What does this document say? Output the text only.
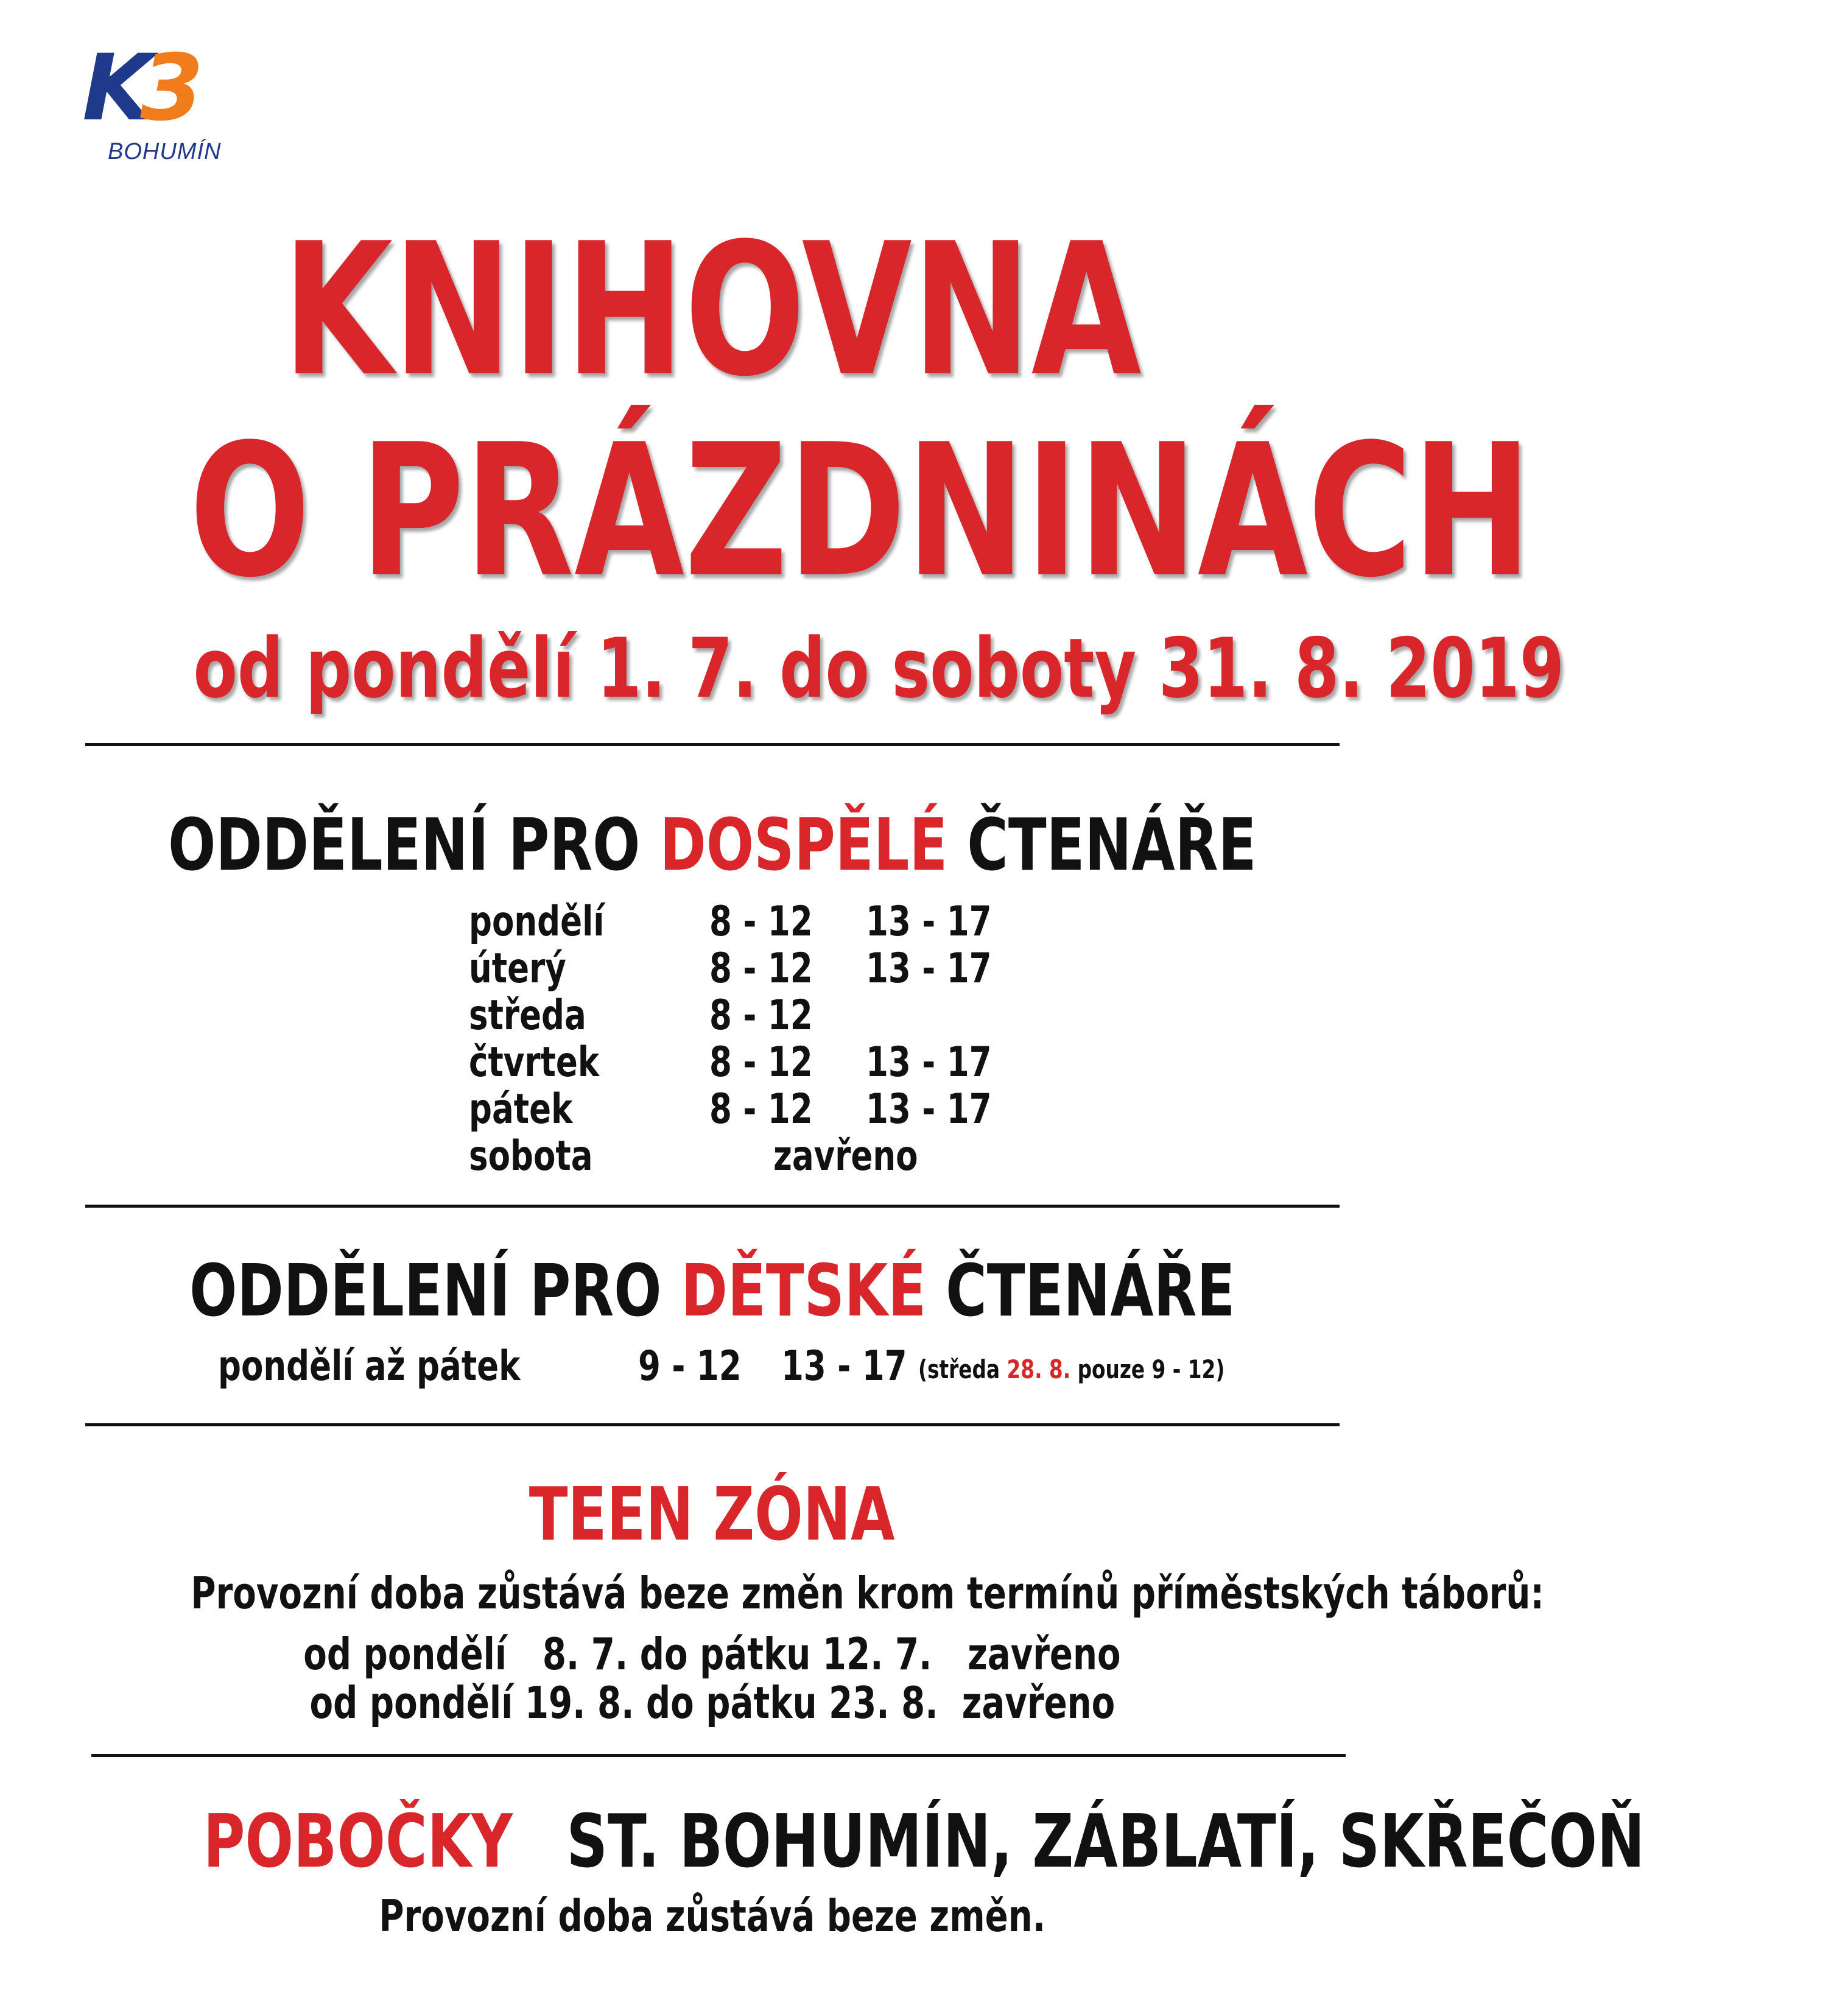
K
3
BOHUMÍN
KNIHOVNA
O PRÁZDNINÁCH
od pondělí 1. 7. do soboty 31. 8. 2019
ODDĚLENÍ PRO DOSPĚLÉ ČTENÁŘE
pondělí	8 - 12 13 - 17
úterý	8 - 12 13 - 17
středa	8 - 12
čtvrtek	8 - 12 13 - 17
pátek	8 - 12 13 - 17
sobota	zavřeno
ODDĚLENÍ PRO DĚTSKÉ ČTENÁŘE
pondělí až pátek	9 - 12 13 - 17 (středa 28. 8. pouze 9 - 12)
TEEN ZÓNA
Provozní doba zůstává beze změn krom termínů příměstských táborů:
od pondělí   8. 7. do pátku 12. 7.   zavřeno
od pondělí 19. 8. do pátku 23. 8.  zavřeno
POBOČKY ST. BOHUMÍN, ZÁBLATÍ, SKŘEČOŇ
Provozní doba zůstává beze změn.
